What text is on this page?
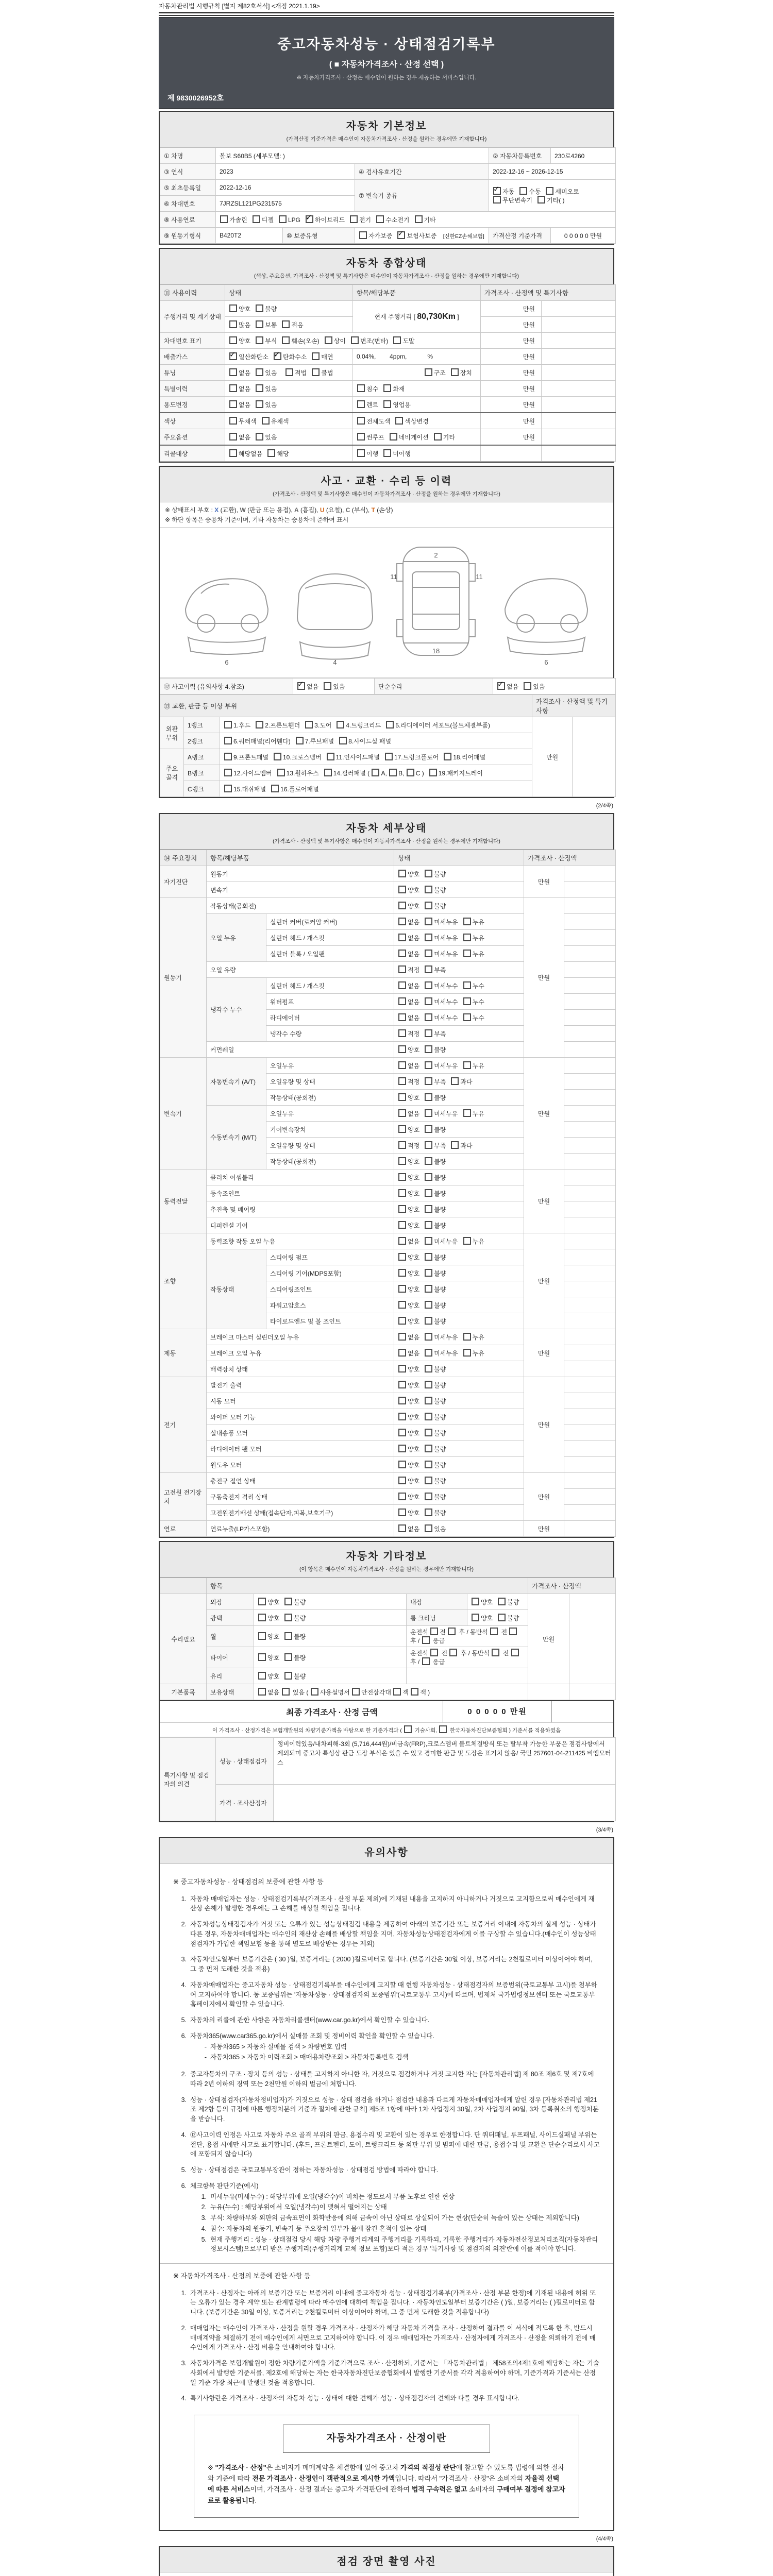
자동차관리법 시행규칙 [별지 제82호서식] <개정 2021.1.19>
중고자동차성능 · 상태점검기록부
( ■ 자동차가격조사 · 산정 선택 )
※ 자동차가격조사 · 산정은 매수인이 원하는 경우 제공하는 서비스입니다.
제 9830026952호
자동차 기본정보
(가격산정 기준가격은 매수인이 자동차가격조사 · 산정을 원하는 경우에만 기재합니다)
① 차명	볼보 S60B5 (세부모델: )			② 자동차등록번호	230로4260
③ 연식	2023		④ 검사유효기간	2022-12-16 ~ 2026-12-15	
⑤ 최초등록일	2022-12-16		⑦ 변속기 종류	
✓자동 수동 세미오토
무단변속기 기타( )

⑥ 차대번호	7JRZSL121PG231575				
⑧ 사용연료	가솔린 디젤 LPG ✓ 하이브리드 전기 수소전기 기타
⑨ 원동기형식	B420T2	⑩ 보증유형	자가보증 ✓ 보험사보증 [신한EZ손해보험]	가격산정 기준가격	0 0 0 0 0 만원
자동차 종합상태
(색상, 주요옵션, 가격조사 · 산정액 및 특기사항은 매수인이 자동차가격조사 · 산정을 원하는 경우에만 기재합니다)
⑪ 사용이력	상태	항목/해당부품	가격조사 · 산정액 및 특기사항	
주행거리 및 계기상태	양호 불량	현재 주행거리 [ 80,730Km ]	만원	
	많음 보통 적음		만원	
차대번호 표기	양호 부식 훼손(오손) 상이 변조(변타) 도말		만원	
배출가스	✓일산화탄소 ✓ 탄화수소 매연	0.04%,        4ppm,            %	만원	
튜닝	없음 있음 적법 불법	구조 장치	만원	
특별이력	없음 있음	침수 화재	만원	
용도변경	없음 있음	렌트 영업용	만원	
색상	무채색 유채색	전체도색 색상변경	만원	
주요옵션	없음 있음	썬루프 네비게이션 기타	만원	
리콜대상	해당없음 해당	이행 미이행		
사고 · 교환 · 수리 등 이력
(가격조사 · 산정액 및 특기사항은 매수인이 자동차가격조사 · 산정을 원하는 경우에만 기재합니다)
※ 상태표시 부호 : X (교환), W (판금 또는 용접), A (흠집), U (요철), C (부식), T (손상)
※ 하단 항목은 승용차 기준이며, 기타 자동차는 승용차에 준하여 표시
6	4
2
11	11
18
6
⑫ 사고이력 (유의사항 4.참조)	✓없음 있음	단순수리	✓없음 있음
⑬ 교환, 판금 등 이상 부위			가격조사 · 산정액 및 특기사항	
외판 부위	1랭크	1.후드 2.프론트휀더 3.도어 4.트렁크리드 5.라디에이터 서포트(볼트체결부품)	만원	
	2랭크	6.쿼터패널(리어휀다) 7.루브패널 8.사이드실 패널		
주요 골격	A랭크	9.프론트패널 10.크로스멤버 11.인사이드패널 17.트렁크플로어 18.리어패널		
	B랭크	12.사이드멤버 13.휠하우스 14.필러패널 ( A, B, C ) 19.패키지트레이		
	C랭크	15.대쉬패널 16.플로어패널		
(2/4쪽)
자동차 세부상태
(가격조사 · 산정액 및 특기사항은 매수인이 자동차가격조사 · 산정을 원하는 경우에만 기재합니다)
⑭ 주요장치	항목/해당부품		상태	가격조사 · 산정액	
자기진단	원동기		양호 불량	만원	
	변속기		양호 불량		
원동기	작동상태(공회전)		양호 불량	만원	
	오일 누유	실린더 커버(로커암 커버)	없음 미세누유 누유		
		실린더 헤드 / 개스킷	없음 미세누유 누유		
		실린더 블록 / 오일팬	없음 미세누유 누유		
	오일 유량		적정 부족		
	냉각수 누수	실린더 헤드 / 개스킷	없음 미세누수 누수		
		워터펌프	없음 미세누수 누수		
		라디에이터	없음 미세누수 누수		
		냉각수 수량	적정 부족		
	커먼레일		양호 불량		
변속기	자동변속기 (A/T)	오일누유	없음 미세누유 누유	만원	
		오일유량 및 상태	적정 부족 과다		
		작동상태(공회전)	양호 불량		
	수동변속기 (M/T)	오일누유	없음 미세누유 누유		
		기어변속장치	양호 불량		
		오일유량 및 상태	적정 부족 과다		
		작동상태(공회전)	양호 불량		
동력전달	클러치 어셈블리		양호 불량	만원	
	등속조인트		양호 불량		
	추진축 및 베어링		양호 불량		
	디퍼렌셜 기어		양호 불량		
조향	동력조향 작동 오일 누유		없음 미세누유 누유	만원	
	작동상태	스티어링 펌프	양호 불량		
		스티어링 기어(MDPS포함)	양호 불량		
		스티어링조인트	양호 불량		
		파워고압호스	양호 불량		
		타이로드엔드 및 볼 조인트	양호 불량		
제동	브레이크 마스터 실린더오일 누유		없음 미세누유 누유	만원	
	브레이크 오일 누유		없음 미세누유 누유		
	배력장치 상태		양호 불량		
전기	발전기 출력		양호 불량	만원	
	시동 모터		양호 불량		
	와이퍼 모터 기능		양호 불량		
	실내송풍 모터		양호 불량		
	라디에이터 팬 모터		양호 불량		
	윈도우 모터		양호 불량		
고전원 전기장치	충전구 절연 상태		양호 불량	만원	
	구동축전지 격리 상태		양호 불량		
	고전원전기배선 상태(접속단자,피복,보호기구)		양호 불량		
연료	연료누출(LP가스포함)		없음 있음	만원	
자동차 기타정보
(이 항목은 매수인이 자동차가격조사 · 산정을 원하는 경우에만 기재합니다)
	항목				가격조사 · 산정액	
수리필요	외장	양호 불량	내장	양호 불량	만원	
	광택	양호 불량	룸 크리닝	양호 불량		
	휠	양호 불량	운전석 전  후 / 동반석  전  후 /  응급			
	타이어	양호 불량	운전석  전  후 / 동반석  전  후 /  응급			
	유리	양호 불량				
기본품목	보유상태	없음  있음 ( 사용설명서 안전삼각대 잭 잭 )				
최종 가격조사 · 산정 금액	0 0 0 0 0 만원
이 가격조사 · 산정가격은 보험개발원의 차량기준가액을 바탕으로 한 기준가격과 (  기술사회,  한국자동차진단보증협회 ) 기준서를 적용하였음
특기사항 및 점검자의 의견	성능 · 상태점검자	정비이력있음/내차피해-3회 (5,716,444원)/비금속(FRP),크로스멤버 볼트체결방식 또는 탈부착 가능한 부품은 점검사항에서 제외되며 중고차 특성상 판금 도장 부식은 있을 수 있고 경미한 판금 및 도장은 표기치 않음/ 국민 257601-04-211425 비엠모터스
	가격 · 조사산정자	
(3/4쪽)
유의사항
※ 중고자동차성능 · 상태점검의 보증에 관한 사항 등
1. 자동차 매매업자는 성능 · 상태점검기록부(가격조사 · 산정 부분 제외)에 기재된 내용을 고지하지 아니하거나 거짓으로 고지함으로써 매수인에게 재산상 손해가 발생한 경우에는 그 손해를 배상할 책임을 집니다.
2. 자동차성능상태점검자가 거짓 또는 오류가 있는 성능상태점검 내용을 제공하여 아래의 보증기간 또는 보증거리 이내에 자동차의 실제 성능 · 상태가 다른 경우, 자동차매매업자는 매수인의 재산상 손해를 배상할 책임을 지며, 자동차성능상태점검자에게 이를 구상할 수 있습니다.(매수인이 성능상태점검자가 가입한 책임보험 등을 통해 별도로 배상받는 경우는 제외)
3. 자동차인도일부터 보증기간은 ( 30 )일, 보증거리는 ( 2000 )킬로미터로 합니다. (보증기간은 30일 이상, 보증거리는 2천킬로미터 이상이어야 하며, 그 중 먼저 도래한 것을 적용)
4. 자동차매매업자는 중고자동차 성능 · 상태점검기록부를 매수인에게 고지할 때 현행 자동차성능 · 상태점검자의 보증범위(국토교통부 고시)를 첨부하여 고지하여야 합니다. 동 보증범위는 '자동차성능 · 상태점검자의 보증범위'(국토교통부 고시)에 따르며, 법제처 국가법령정보센터 또는 국토교통부 홈페이지에서 확인할 수 있습니다.
5. 자동차의 리콜에 관한 사항은 자동차리콜센터(www.car.go.kr)에서 확인할 수 있습니다.
6. 자동차365(www.car365.go.kr)에서 실매물 조회 및 정비이력 확인을 확인할 수 있습니다.
- 자동차365 > 자동차 실매물 검색 > 차량번호 입력
- 자동차365 > 자동차 이력조회 > 매매용차량조회 > 자동차등록번호 검색
2. 중고자동차의 구조 · 장치 등의 성능 · 상태를 고지하지 아니한 자, 거짓으로 점검하거나 거짓 고지한 자는 [자동차관리법] 제 80조 제6호 및 제7호에 따라 2년 이하의 징역 또는 2천만원 이하의 벌금에 처합니다.
3. 성능 · 상태점검자(자동차정비업자)가 거짓으로 성능 · 상태 점검을 하거나 점검한 내용과 다르게 자동차매매업자에게 알린 경우 [자동차관리법 제21조 제2항 등의 규정에 따른 행정처분의 기준과 절차에 관한 규칙] 제5조 1항에 따라 1차 사업정지 30일, 2차 사업정지 90일, 3차 등록취소의 행정처분을 받습니다.
4. ⑫사고이력 인정은 사고로 자동차 주요 골격 부위의 판금, 용접수리 및 교환이 있는 경우로 한정합니다. 단 쿼터패널, 루프패널, 사이드실패널 부위는 절단, 용접 시에만 사고로 표기합니다. (후드, 프론트펜더, 도어, 트렁크리드 등 외판 부위 및 범퍼에 대한 판금, 용접수리 및 교환은 단순수리로서 사고에 포함되지 않습니다)
5. 성능 · 상태점검은 국토교통부장관이 정하는 자동차성능 · 상태점검 방법에 따라야 합니다.
6. 체크항목 판단기준(예시)
1. 미세누유(미세누수) : 해당부위에 오일(냉각수)이 비치는 정도로서 부품 노후로 인한 현상
2. 누유(누수) : 해당부위에서 오일(냉각수)이 맺혀서 떨어지는 상태
3. 부식: 차량하부와 외판의 금속표면이 화학반응에 의해 금속이 아닌 상태로 상실되어 가는 현상(단순히 녹슬어 있는 상태는 제외합니다)
4. 침수: 자동차의 원동기, 변속기 등 주요장치 일부가 물에 잠긴 흔적이 있는 상태
5. 현재 주행거리 : 성능 · 상태점검 당시 해당 차량 주행거리계의 주행거리를 기록하되, 기록한 주행거리가 자동차전산정보처리조직(자동차관리정보시스템)으로부터 받은 주행거리(주행거리계 교체 정보 포함)보다 적은 경우 '특기사항 및 점검자의 의견'란에 이를 적어야 합니다.
※ 자동차가격조사 · 산정의 보증에 관한 사항 등
1. 가격조사 · 산정자는 아래의 보증기간 또는 보증거리 이내에 중고자동차 성능 · 상태점검기록부(가격조사 · 산정 부분 한정)에 기재된 내용에 허위 또는 오류가 있는 경우 계약 또는 관계법령에 따라 매수인에 대하여 책임을 집니다. · 자동차인도일부터 보증기간은 ( )일, 보증거리는 ( )킬로미터로 합니다. (보증기간은 30일 이상, 보증거리는 2천킬로미터 이상이어야 하며, 그 중 먼저 도래한 것을 적용합니다)
2. 매매업자는 매수인이 가격조사 · 산정을 원할 경우 가격조사 · 산정자가 해당 자동차 가격을 조사 · 산정하여 결과를 이 서식에 적도록 한 후, 반드시 매매계약을 체결하기 전에 매수인에게 서면으로 고지하여야 합니다. 이 경우 매매업자는 가격조사 · 산정자에게 가격조사 · 산정을 의뢰하기 전에 매수인에게 가격조사 · 산정 비용을 안내하여야 합니다.
3. 자동차가격은 보험개발원이 정한 차량기준가액을 기준가격으로 조사 · 산정하되, 기준서는 「자동차관리법」 제58조의4제1호에 해당하는 자는 기술사회에서 발행한 기준서를, 제2호에 해당하는 자는 한국자동차진단보증협회에서 발행한 기준서를 각각 적용하여야 하며, 기준가격과 기준서는 산정일 기준 가장 최근에 발행된 것을 적용합니다.
4. 특기사항란은 가격조사 · 산정자의 자동차 성능 · 상태에 대한 견해가 성능 · 상태점검자의 견해와 다를 경우 표시합니다.
자동차가격조사 · 산정이란
※ "가격조사 · 산정"은 소비자가 매매계약을 체결함에 있어 중고차 가격의 적절성 판단에 참고할 수 있도록 법령에 의한 절차와 기준에 따라 전문 가격조사 · 산정인이 객관적으로 제시한 가액입니다. 따라서 "가격조사 · 산정"은 소비자의 자율적 선택에 따른 서비스이며, 가격조사 · 산정 결과는 중고차 가격판단에 관하여 법적 구속력은 없고 소비자의 구매여부 결정에 참고자료로 활용됩니다.
(4/4쪽)
점검 장면 촬영 사진
